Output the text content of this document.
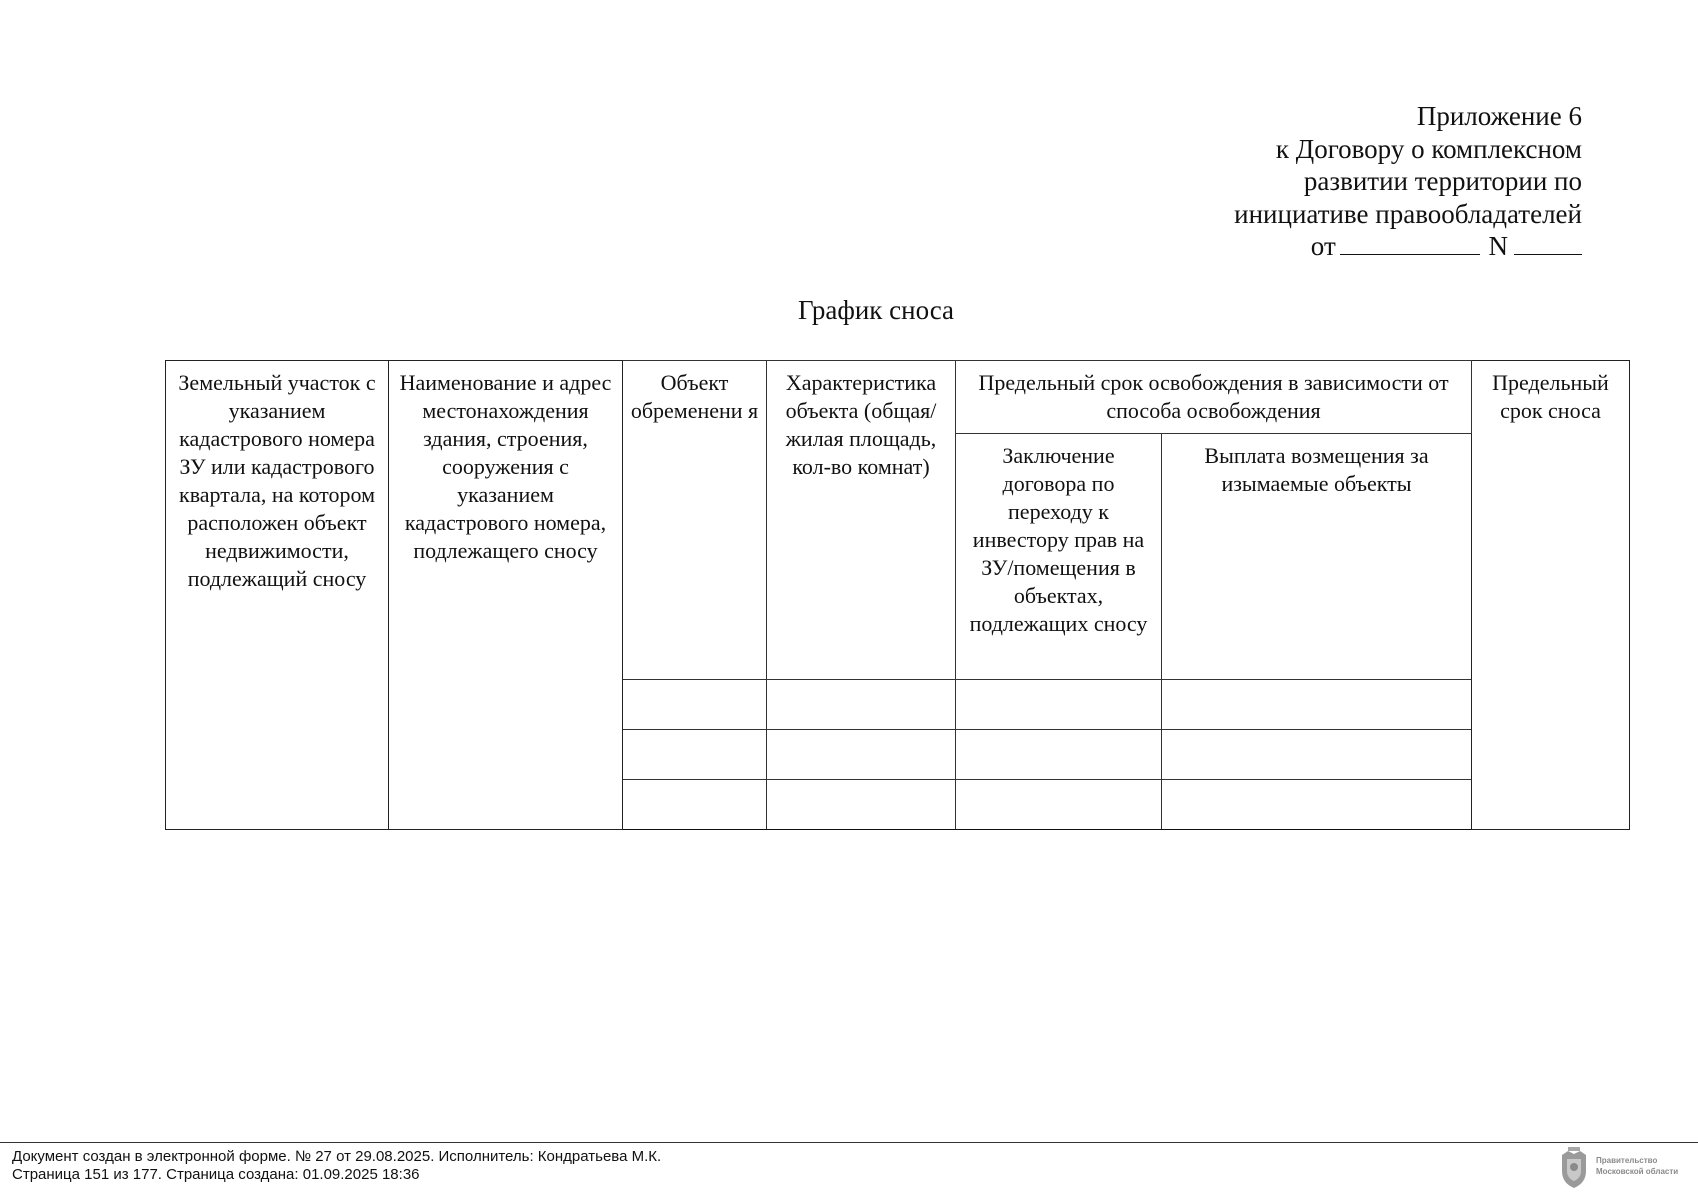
Приложение 6
к Договору о комплексном
развитии территории по
инициативе правообладателей
от	N
График сноса
Земельный участок с указанием кадастрового номера ЗУ или кадастрового квартала, на котором расположен объект недвижимости, подлежащий сносу	Наименование и адрес местонахождения здания, строения, сооружения с указанием кадастрового номера, подлежащего сносу	Объект обременени я	Характеристика объекта (общая/жилая площадь, кол-во комнат)	Предельный срок освобождения в зависимости от способа освобождения		Предельный срок сноса
				Заключение договора по переходу к инвестору прав на ЗУ/помещения в объектах, подлежащих сносу	Выплата возмещения за изымаемые объекты	

Документ создан в электронной форме. № 27 от 29.08.2025. Исполнитель: Кондратьева М.К.
Страница 151 из 177. Страница создана: 01.09.2025 18:36
Правительство
Московской области
